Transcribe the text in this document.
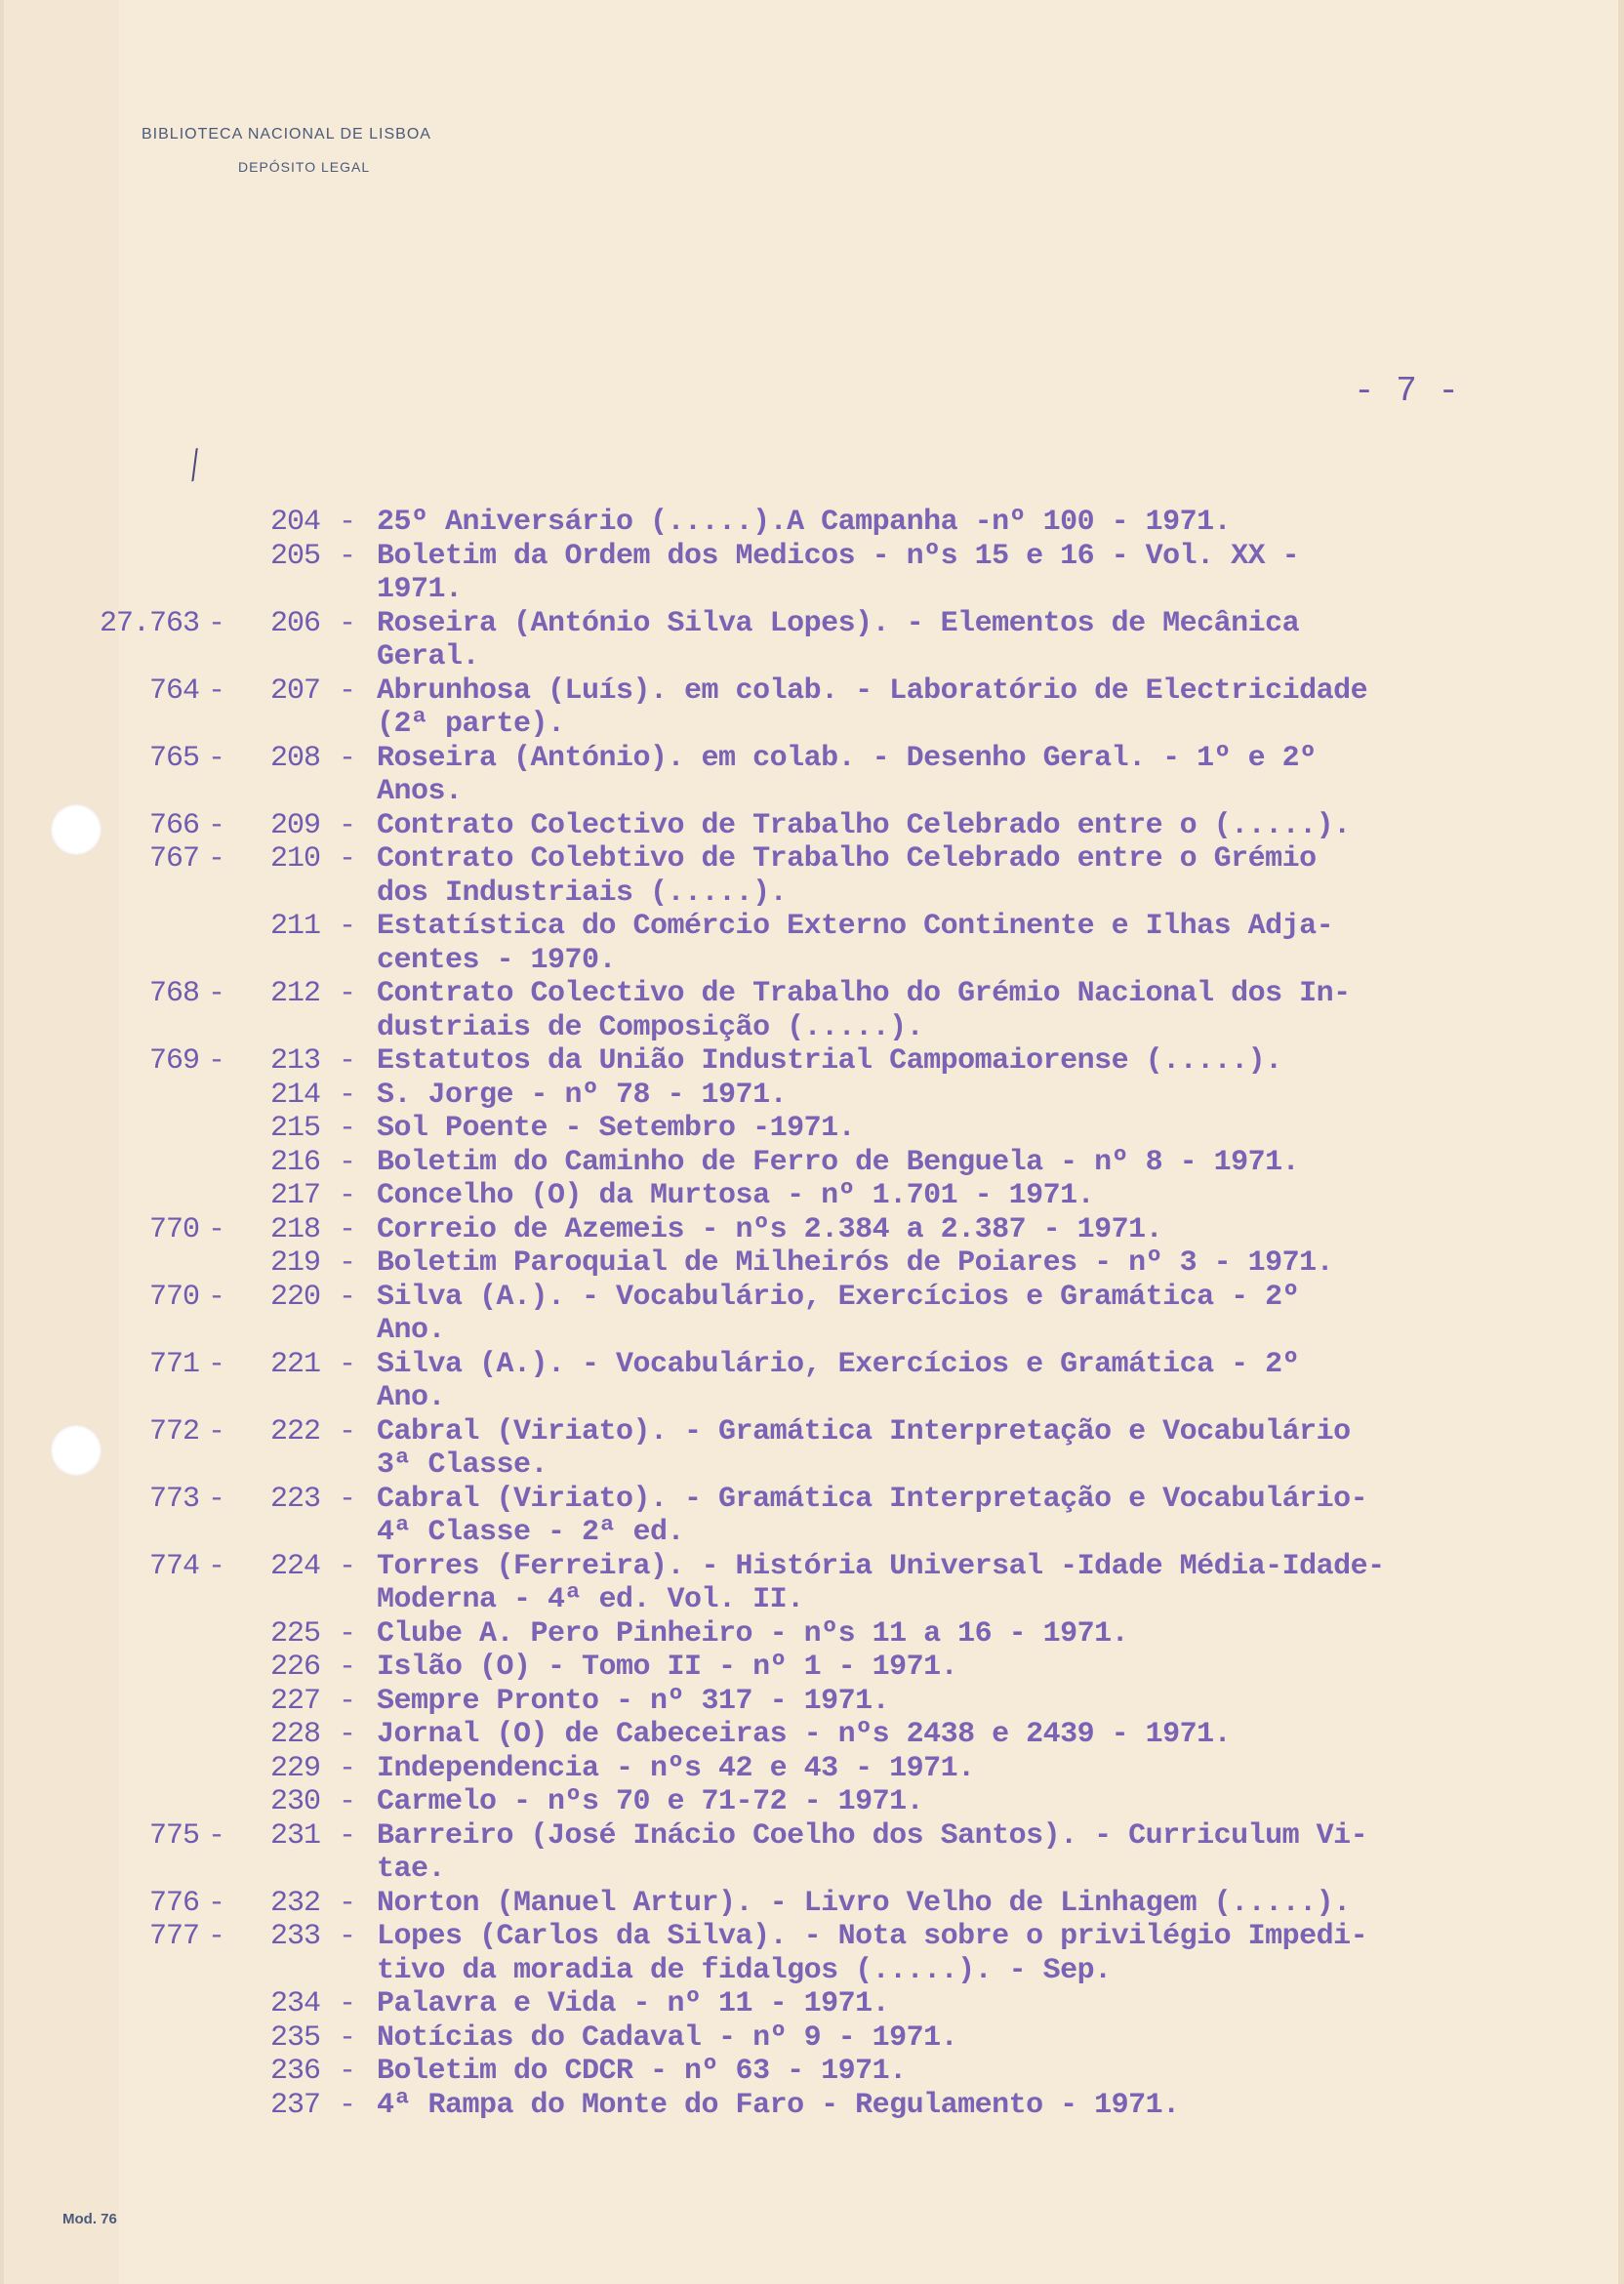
BIBLIOTECA NACIONAL DE LISBOA
DEPÓSITO LEGAL
- 7 -
╱
204 - 25º Aniversário (.....).A Campanha -nº 100 - 1971.
205 - Boletim da Ordem dos Medicos - nºs 15 e 16 - Vol. XX -
1971.
27.763 -	206 - Roseira (António Silva Lopes). - Elementos de Mecânica
Geral.
764 -	207 - Abrunhosa (Luís). em colab. - Laboratório de Electricidade
(2ª parte).
765 -	208 - Roseira (António). em colab. - Desenho Geral. - 1º e 2º
Anos.
766 -	209 - Contrato Colectivo de Trabalho Celebrado entre o (.....).
767 -	210 - Contrato Colebtivo de Trabalho Celebrado entre o Grémio
dos Industriais (.....).
211 - Estatística do Comércio Externo Continente e Ilhas Adja-
centes - 1970.
768 -	212 - Contrato Colectivo de Trabalho do Grémio Nacional dos In-
dustriais de Composição (.....).
769 -	213 - Estatutos da União Industrial Campomaiorense (.....).
214 - S. Jorge - nº 78 - 1971.
215 - Sol Poente - Setembro -1971.
216 - Boletim do Caminho de Ferro de Benguela - nº 8 - 1971.
217 - Concelho (O) da Murtosa - nº 1.701 - 1971.
770 -	218 - Correio de Azemeis - nºs 2.384 a 2.387 - 1971.
219 - Boletim Paroquial de Milheirós de Poiares - nº 3 - 1971.
770 -	220 - Silva (A.). - Vocabulário, Exercícios e Gramática - 2º
Ano.
771 -	221 - Silva (A.). - Vocabulário, Exercícios e Gramática - 2º
Ano.
772 -	222 - Cabral (Viriato). - Gramática Interpretação e Vocabulário
3ª Classe.
773 -	223 - Cabral (Viriato). - Gramática Interpretação e Vocabulário-
4ª Classe - 2ª ed.
774 -	224 - Torres (Ferreira). - História Universal -Idade Média-Idade-
Moderna - 4ª ed. Vol. II.
225 - Clube A. Pero Pinheiro - nºs 11 a 16 - 1971.
226 - Islão (O) - Tomo II - nº 1 - 1971.
227 - Sempre Pronto - nº 317 - 1971.
228 - Jornal (O) de Cabeceiras - nºs 2438 e 2439 - 1971.
229 - Independencia - nºs 42 e 43 - 1971.
230 - Carmelo - nºs 70 e 71-72 - 1971.
775 -	231 - Barreiro (José Inácio Coelho dos Santos). - Curriculum Vi-
tae.
776 -	232 - Norton (Manuel Artur). - Livro Velho de Linhagem (.....).
777 -	233 - Lopes (Carlos da Silva). - Nota sobre o privilégio Impedi-
tivo da moradia de fidalgos (.....). - Sep.
234 - Palavra e Vida - nº 11 - 1971.
235 - Notícias do Cadaval - nº 9 - 1971.
236 - Boletim do CDCR - nº 63 - 1971.
237 - 4ª Rampa do Monte do Faro - Regulamento - 1971.
Mod. 76
